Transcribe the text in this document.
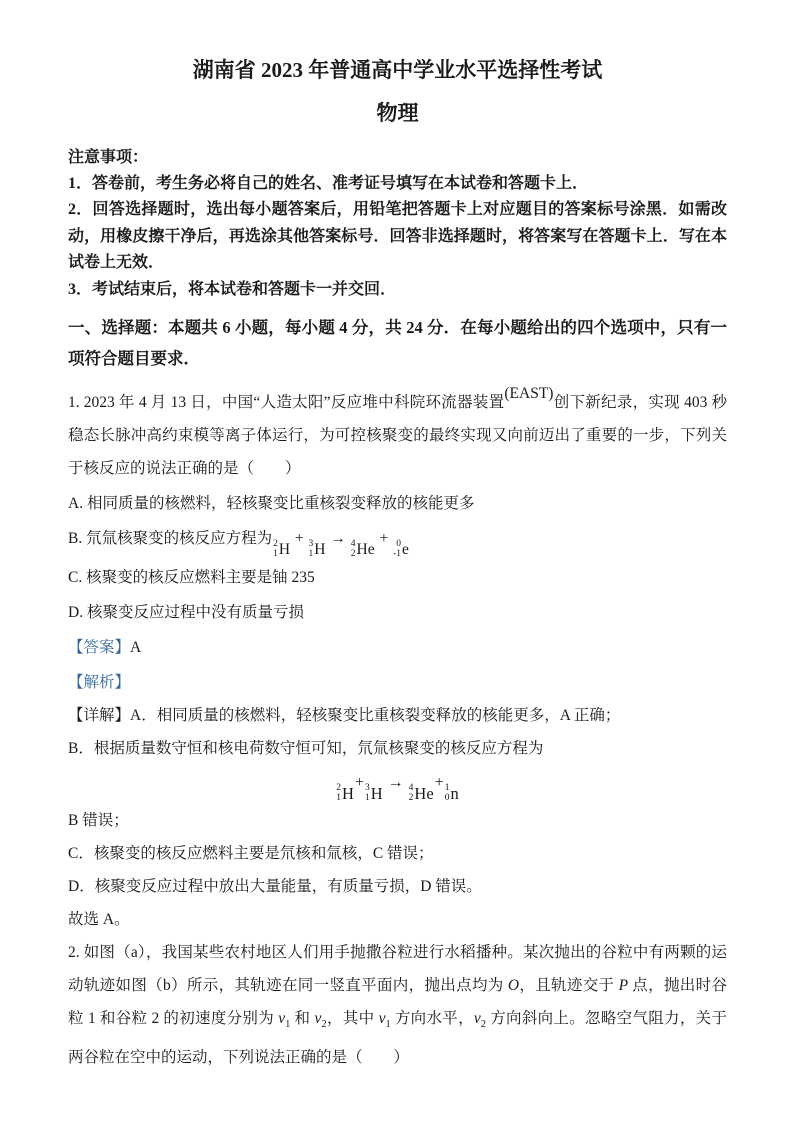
湖南省 2023 年普通高中学业水平选择性考试
物理

注意事项：

1．答卷前，考生务必将自己的姓名、准考证号填写在本试卷和答题卡上．

2．回答选择题时，选出每小题答案后，用铅笔把答题卡上对应题目的答案标号涂黑．如需改动，用橡皮擦干净后，再选涂其他答案标号．回答非选择题时，将答案写在答题卡上．写在本试卷上无效．

3．考试结束后，将本试卷和答题卡一并交回．

一、选择题：本题共 6 小题，每小题 4 分，共 24 分．在每小题给出的四个选项中，只有一项符合题目要求．

1. 2023 年 4 月 13 日，中国“人造太阳”反应堆中科院环流器装置(EAST)创下新纪录，实现 403 秒稳态长脉冲高约束模等离子体运行，为可控核聚变的最终实现又向前迈出了重要的一步，下列关于核反应的说法正确的是（　　）

A. 相同质量的核燃料，轻核聚变比重核裂变释放的核能更多

B. 氘氚核聚变的核反应方程为 2
1 H
+ 3
1 H
→ 4
2 He
+ 0
-1 e

C. 核聚变的核反应燃料主要是铀 235

D. 核聚变反应过程中没有质量亏损

【答案】A

【解析】

【详解】A．相同质量的核燃料，轻核聚变比重核裂变释放的核能更多，A 正确；

B．根据质量数守恒和核电荷数守恒可知，氘氚核聚变的核反应方程为

2
1 H
+ 3
1 H
→ 4
2 He
+ 1
0 n

B 错误；

C．核聚变的核反应燃料主要是氘核和氚核，C 错误；

D．核聚变反应过程中放出大量能量，有质量亏损，D 错误。

故选 A。

2. 如图（a），我国某些农村地区人们用手抛撒谷粒进行水稻播种。某次抛出的谷粒中有两颗的运动轨迹如图（b）所示，其轨迹在同一竖直平面内，抛出点均为 O，且轨迹交于 P 点，抛出时谷粒 1 和谷粒 2 的初速度分别为 $v_1$ 和 $v_2$，其中 $v_1$ 方向水平，$v_2$ 方向斜向上。忽略空气阻力，关于两谷粒在空中的运动，下列说法正确的是（　　）
